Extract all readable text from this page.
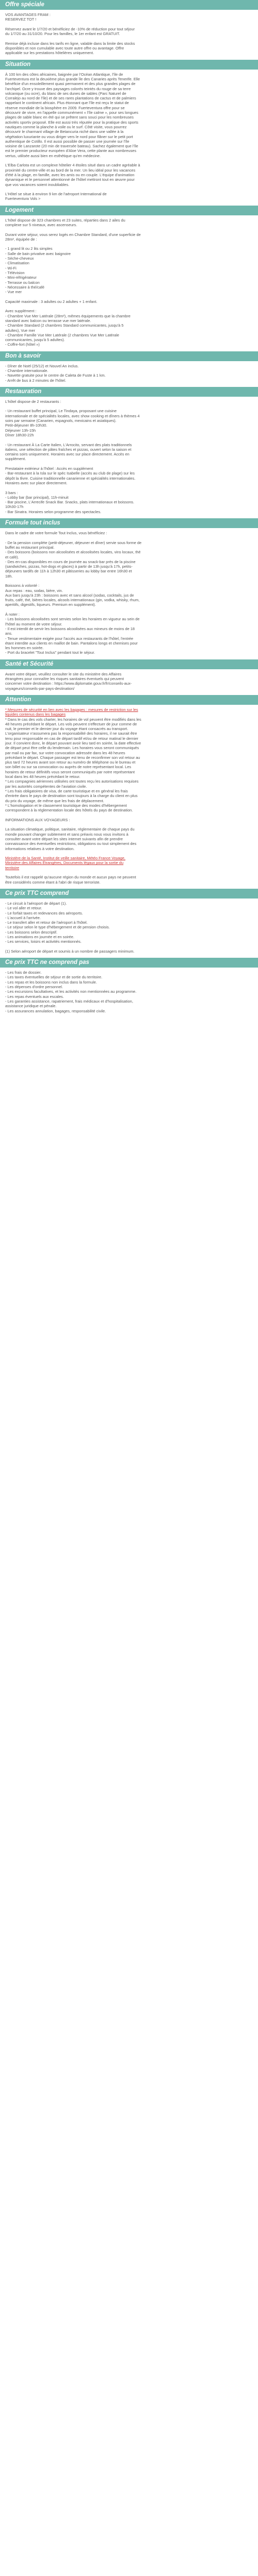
Offre spéciale
VOS AVANTAGES FRAM :
RESERVEZ TOT !
Réservez avant le 1/7/20 et bénéficiez de -10% de réduction pour tout séjour
du 1/7/20 au 31/10/20. Pour les familles, le 1er enfant est GRATUIT.
Remise déjà incluse dans les tarifs en ligne, valable dans la limite des stocks
disponibles et non cumulable avec toute autre offre ou avantage. Offre
applicable sur les prestations hôtelières uniquement.
Situation
À 100 km des côtes africaines, baignée par l'Océan Atlantique, l'île de
Fuerteventura est la deuxième plus grande île des Canaries après Tenerife. Elle
bénéficie d'un ensoleillement quasi permanent et des plus grandes plages de
l'archipel. Ocre y trouve des paysages colorés teintés du rouge de sa terre
volcanique (ou ocre), du blanc de ses dunes de sables (Parc Naturel de
Corralejo au nord de l'île) et de ses rares plantations de cactus et de palmiers
rappelant le continent africain. Plus étonnant que l'île est reçu le statut de
réserve mondiale de la biosphère en 2009. Fuerteventura offre pour se
découvrir de vivre, en l'appelle communément « l'île calme », pour ses longues
plages de sable blanc en été qui se prêtent sans souci pour les nombreuses
activités sportiv proposé. Elle est aussi très réputée pour la pratique des sports
nautiques comme la planche à voile ou le surf. Côté visite, vous pourrez
découvrir le charmant village de Betancuria niché dans une vallée à la
végétation luxuriante ou vous diriger vers le nord pour flâner sur le petit port
authentique de Cotillo. Il est aussi possible de passer une journée sur l'île
voisine de Lanzarote (20 min de traversée bateau). Sachez également que l'île
est le premier producteur européen d'Aloe Vera, cette plante aux nombreuses
vertus, utilisée aussi bien en esthétique qu'en médecine.
L'Elba Carlota est un complexe hôtelier 4 étoiles situé dans un cadre agréable à
proximité du centre-ville et au bord de la mer. Un lieu idéal pour les vacances
d'été à la plage, en famille, avec les amis ou en couple. L'équipe d'animation
dynamique et le personnel attentionné de l'hôtel mettront tout en œuvre pour
que vos vacances soient inoubliables.
L'Hôtel se situe à environ 9 km de l'aéroport International de
Fuerteventura Vols >
Logement
L'hôtel dispose de 323 chambres et 23 suites, réparties dans 2 ailes du
complexe sur 5 niveaux, avec ascenseurs.
Durant votre séjour, vous serez logés en Chambre Standard, d'une superficie de
28m², équipée de :
- 1 grand lit ou 2 lits simples
- Salle de bain privative avec baignoire
- Sèche-cheveux
- Climatisation
- Wi-Fi
- Télévision
- Mini-réfrigérateur
- Terrasse ou balcon
- Nécessaire à thé/café
- Vue mer
Capacité maximale : 3 adultes ou 2 adultes + 1 enfant.
Avec supplément :
- Chambre Vue Mer Latérale (28m²), mêmes équipements que la chambre
standard avec balcon ou terrasse vue mer latérale.
- Chambre Standard (2 chambres Standard communicantes, jusqu'à 5
adultes), Vue mer
- Chambre Famille Vue Mer Latérale (2 chambres Vue Mer Latérale
communicantes, jusqu'à 5 adultes).
- Coffre-fort (hôtel »)
Bon à savoir
- Dîner de Noël (25/12) et Nouvel An inclus.
- Chambre internationale.
- Navette gratuite pour le centre de Caleta de Fuste à 1 km.
- Arrêt de bus à 2 minutes de l'hôtel.
Restauration
L'hôtel dispose de 2 restaurants :
- Un restaurant buffet principal, Le Tindaya, proposant une cuisine
internationale et de spécialités locales, avec show cooking et dîners à thèmes 4
soirs par semaine (Canarien, espagnols, mexicains et asiatiques).
Petit-déjeuner 8h-10h30.
Déjeuner 13h-15h
Dîner 18h30-22h
- Un restaurant À La Carte Italien, L'Arrocito, servant des plats traditionnels
italiens, une sélection de pâtes fraîches et pizzas, ouvert selon la saison et
certains soirs uniquement. Horaires avec sur place directement. Accès en
supplément.
Prestataire extérieur à l'hôtel : Accès en supplément
- Bar-restaurant à la Isla sur le spéc Isabelle (accès au club de plage) sur les
dépôt la Ilivre. Cuisine traditionnelle canarienne et spécialités internationales.
Horaires avec sur place directement.
3 bars :
- Lobby bar (bar principal), 11h-minuit
- Bar piscine, L'Arrecife Snack Bar. Snacks, plats internationaux et boissons.
10h30-17h
- Bar Sinatra. Horaires selon programme des spectacles.
Formule tout inclus
Dans le cadre de votre formule Tout Inclus, vous bénéficiez :
- De la pension complète (petit-déjeuner, déjeuner et dîner) servie sous forme de
buffet au restaurant principal.
- Des boissons (boissons non alcoolisées et alcoolisées locales, vins locaux, thé
et café).
- Des en-cas disponibles en cours de journée au snack-bar près de la piscine
(sandwiches, pizzas, hot-dogs et glaces) à partir de 13h jusqu'à 17h, petits-
déjeuners tardifs de 11h à 12h30 et pâtisseries au lobby bar entre 16h30 et
18h.
Boissons à volonté :
Aux repas : eau, sodas, bière, vin.
Aux bars jusqu'à 23h : boissons avec et sans alcool (sodas, cocktails, jus de
fruits, café, thé, bières locales, alcools internationaux (gin, vodka, whisky, rhum,
aperitifs, digestifs, liqueurs. Premium en supplément).
À noter :
- Les boissons alcoolisées sont servies selon les horaires en vigueur au sein de
l'hôtel au moment de votre séjour.
- Il est interdit de servir les boissons alcoolisées aux mineurs de moins de 18
ans.
- Tenue vestimentaire exigée pour l'accès aux restaurants de l'hôtel, l'entrée
étant interdite aux clients en maillot de bain. Pantalons longs et chemises pour
les hommes en soirée.
- Port du bracelet "Tout Inclus" pendant tout le séjour.
Santé et Sécurité
Avant votre départ, veuillez consulter le site du ministère des Affaires
étrangères pour connaître les risques sanitaires éventuels qui peuvent
concerner votre destination : https://www.diplomatie.gouv.fr/fr/conseils-aux-
voyageurs/conseils-par-pays-destination/
Attention
* Mesures de sécurité en lien avec les bagages : mesures de restriction sur les
liquides contenus dans les bagages
* Dans le cas des vols charter, les horaires de vol peuvent être modifiés dans les
48 heures précédant le départ. Les vols peuvent s'effectuer de jour comme de
nuit, le premier et le dernier jour du voyage étant consacrés au transport.
L'organisateur n'assumera pas la responsabilité des horaires, il ne saurait être
tenu pour responsable en cas de départ tardif et/ou de retour matinal le dernier
jour. Il convient donc, le départ pouvant avoir lieu tard en soirée, la date effective
de départ peut être celle du lendemain. Les horaires vous seront communiqués
par mail ou par fax, sur votre convocation adressée dans les 48 heures
précédant le départ. Chaque passager est tenu de reconfirmer son vol retour au
plus tard 72 heures avant son retour au numéro de téléphone ou le bureau et
son billet ou sur sa convocation ou auprès de notre représentant local. Les
horaires de retour définitifs vous seront communiqués par notre représentant
local dans les 48 heures précédant le retour.
* Les compagnies aériennes utilisées ont toutes reçu les autorisations requises
par les autorités compétentes de l'aviation civile.
* Les frais obligatoires de visa, de carte touristique et en général les frais
d'entrée dans le pays de destination sont toujours à la charge du client en plus
du prix du voyage, de même que les frais de déplacement.
* L'homologation et le classement touristique des modes d'hébergement
correspondent à la réglementation locale des hôtels du pays de destination.
INFORMATIONS AUX VOYAGEURS :
La situation climatique, politique, sanitaire, réglementaire de chaque pays du
monde pouvant changer subitement et sans préavis nous vous invitons à
consulter avant votre départ les sites internet suivants afin de prendre
connaissance des éventuelles restrictions, obligations ou tout simplement des
informations relatives à votre destination.
Ministère de la Santé, Institut de veille sanitaire, Météo France Voyage,
Ministère des Affaires Étrangères, Documents légaux pour la sortie du
territoire
Toutefois il est rappelé qu'aucune région du monde et aucun pays ne peuvent
être considérés comme étant à l'abri de risque terroriste.
Ce prix TTC comprend
- Le circuit à l'aéroport de départ (1).
- Le vol aller et retour.
- Le forfait taxes et redevances des aéroports.
- L'accueil à l'arrivée.
- Le transfert aller et retour de l'aéroport à l'hôtel.
- Le séjour selon le type d'hébergement et de pension choisis.
- Les boissons selon descriptif.
- Les animations en journée et en soirée.
- Les services, loisirs et activités mentionnés.
(1) Selon aéroport de départ et soumis à un nombre de passagers minimum.
Ce prix TTC ne comprend pas
- Les frais de dossier.
- Les taxes éventuelles de séjour et de sortie du territoire.
- Les repas et les boissons non inclus dans la formule.
- Les dépenses d'ordre personnel.
- Les excursions facultatives, et les activités non mentionnées au programme.
- Les repas éventuels aux escales.
- Les garanties assistance, rapatriement, frais médicaux et d'hospitalisation,
assistance juridique et pénale.
- Les assurances annulation, bagages, responsabilité civile.
